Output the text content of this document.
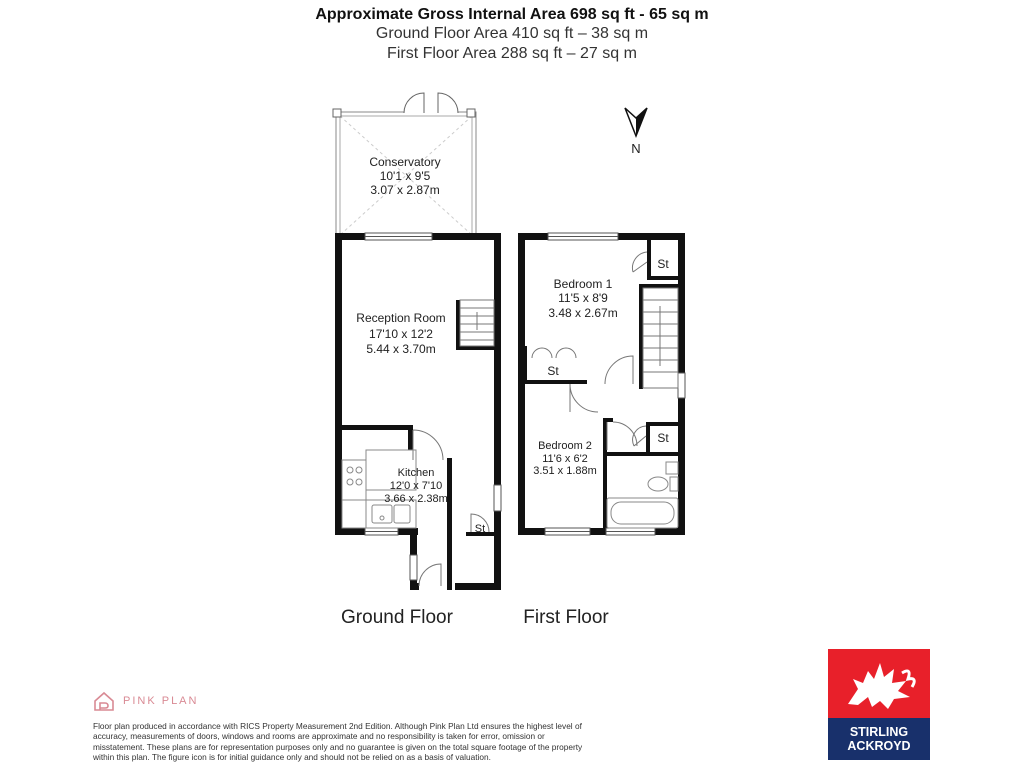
Approximate Gross Internal Area 698 sq ft - 65 sq m
Ground Floor Area 410 sq ft – 38 sq m
First Floor Area 288 sq ft – 27 sq m
N
Conservatory
10'1 x 9'5
3.07 x 2.87m
Reception Room
17'10 x 12'2
5.44 x 3.70m
Kitchen
12'0 x 7'10
3.66 x 2.38m
St
Bedroom 1
11'5 x 8'9
3.48 x 2.67m
Bedroom 2
11'6 x 6'2
3.51 x 1.88m
St
St
St
Ground Floor	First Floor
PINK PLAN
Floor plan produced in accordance with RICS Property Measurement 2nd Edition. Although Pink Plan Ltd ensures the highest level of accuracy, measurements of doors, windows and rooms are approximate and no responsibility is taken for error, omission or misstatement. These plans are for representation purposes only and no guarantee is given on the total square footage of the property within this plan. The figure icon is for initial guidance only and should not be relied on as a basis of valuation.
STIRLING
ACKROYD
